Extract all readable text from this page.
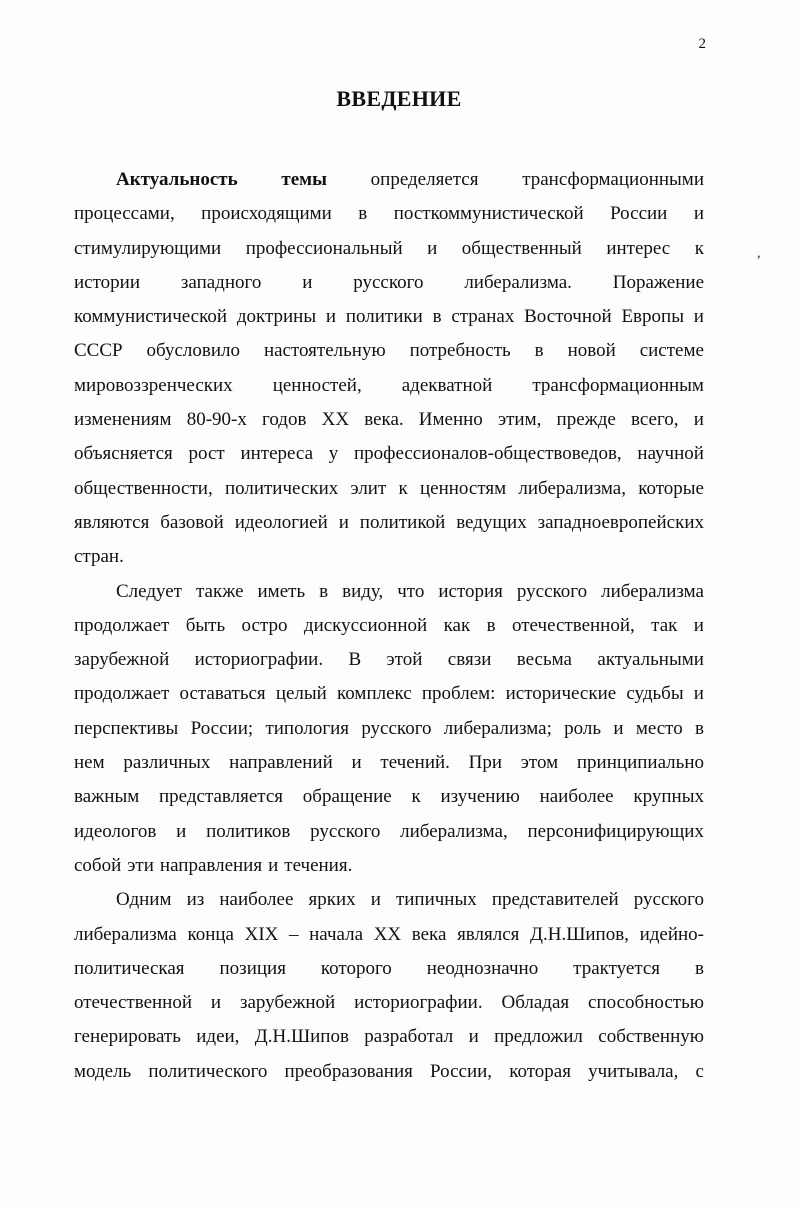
2
ВВЕДЕНИЕ
Актуальность темы определяется трансформационными
процессами, происходящими в посткоммунистической России и
стимулирующими профессиональный и общественный интерес к
истории западного и русского либерализма. Поражение
коммунистической доктрины и политики в странах Восточной Европы и
СССР обусловило настоятельную потребность в новой системе
мировоззренческих ценностей, адекватной трансформационным
изменениям 80-90-х годов XX века. Именно этим, прежде всего, и
объясняется рост интереса у профессионалов-обществоведов, научной
общественности, политических элит к ценностям либерализма, которые
являются базовой идеологией и политикой ведущих западноевропейских
стран.
Следует также иметь в виду, что история русского либерализма
продолжает быть остро дискуссионной как в отечественной, так и
зарубежной историографии. В этой связи весьма актуальными
продолжает оставаться целый комплекс проблем: исторические судьбы и
перспективы России; типология русского либерализма; роль и место в
нем различных направлений и течений. При этом принципиально
важным представляется обращение к изучению наиболее крупных
идеологов и политиков русского либерализма, персонифицирующих
собой эти направления и течения.
Одним из наиболее ярких и типичных представителей русского
либерализма конца XIX – начала XX века являлся Д.Н.Шипов, идейно-
политическая позиция которого неоднозначно трактуется в
отечественной и зарубежной историографии. Обладая способностью
генерировать идеи, Д.Н.Шипов разработал и предложил собственную
модель политического преобразования России, которая учитывала, с
,
